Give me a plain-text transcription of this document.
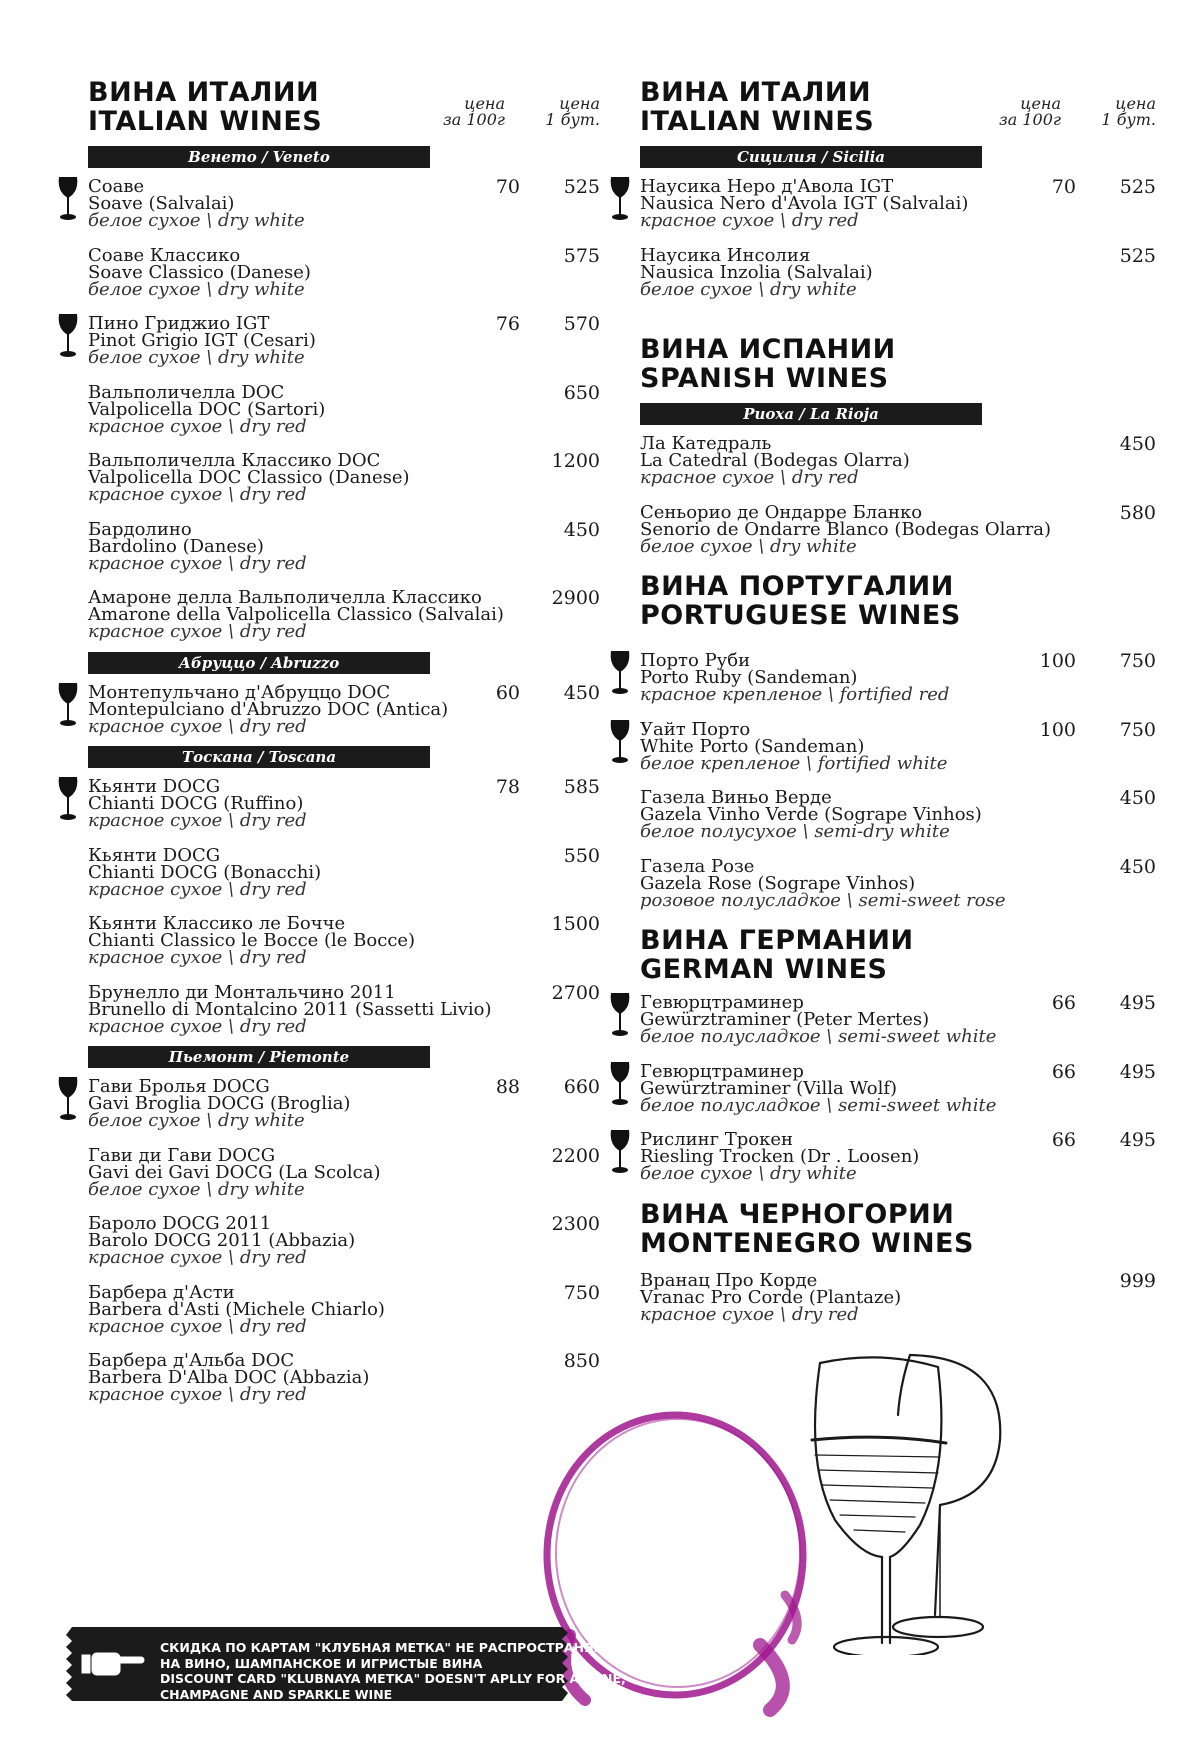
ВИНА ИТАЛИИ
ITALIAN WINES
цена
за 100г
цена
1 бут.
Венето / Veneto
Соаве
Soave (Salvalai)
белое сухое \ dry white
70 525
Соаве Классико
Soave Classico (Danese)
белое сухое \ dry white
575
Пино Гриджио IGT
Pinot Grigio IGT (Cesari)
белое сухое \ dry white
76 570
Вальполичелла DOC
Valpolicella DOC (Sartori)
красное сухое \ dry red
650
Вальполичелла Классико DOC
Valpolicella DOC Classico (Danese)
красное сухое \ dry red
1200
Бардолино
Bardolino (Danese)
красное сухое \ dry red
450
Амароне делла Вальполичелла Классико
Amarone della Valpolicella Classico (Salvalai)
красное сухое \ dry red
2900
Абруццо / Abruzzo
Монтепульчано д'Абруццо DOC
Montepulciano d'Abruzzo DOC (Antica)
красное сухое \ dry red
60 450
Тоскана / Toscana
Кьянти DOCG
Chianti DOCG (Ruffino)
красное сухое \ dry red
78 585
Кьянти DOCG
Chianti DOCG (Bonacchi)
красное сухое \ dry red
550
Кьянти Классико ле Бочче
Chianti Classico le Bocce (le Bocce)
красное сухое \ dry red
1500
Брунелло ди Монтальчино 2011
Brunello di Montalcino 2011 (Sassetti Livio)
красное сухое \ dry red
2700
Пьемонт / Piemonte
Гави Бролья DOCG
Gavi Broglia DOCG (Broglia)
белое сухое \ dry white
88 660
Гави ди Гави DOCG
Gavi dei Gavi DOCG (La Scolca)
белое сухое \ dry white
2200
Бароло DOCG 2011
Barolo DOCG 2011 (Abbazia)
красное сухое \ dry red
2300
Барбера д'Асти
Barbera d'Asti (Michele Chiarlo)
красное сухое \ dry red
750
Барбера д'Альба DOC
Barbera D'Alba DOC (Abbazia)
красное сухое \ dry red
850
ВИНА ИТАЛИИ
ITALIAN WINES
цена
за 100г
цена
1 бут.
Сицилия / Sicilia
Наусика Неро д'Авола IGT
Nausica Nero d'Avola IGT (Salvalai)
красное сухое \ dry red
70 525
Наусика Инсолия
Nausica Inzolia (Salvalai)
белое сухое \ dry white
525
ВИНА ИСПАНИИ
SPANISH WINES
Риоха / La Rioja
Ла Катедраль
La Catedral (Bodegas Olarra)
красное сухое \ dry red
450
Сеньорио де Ондарре Бланко
Senorio de Ondarre Blanco (Bodegas Olarra)
белое сухое \ dry white
580
ВИНА ПОРТУГАЛИИ
PORTUGUESE WINES
Порто Руби
Porto Ruby (Sandeman)
красное крепленое \ fortified red
100 750
Уайт Порто
White Porto (Sandeman)
белое крепленое \ fortified white
100 750
Газела Виньо Верде
Gazela Vinho Verde (Sogrape Vinhos)
белое полусухое \ semi-dry white
450
Газела Розе
Gazela Rose (Sogrape Vinhos)
розовое полусладкое \ semi-sweet rose
450
ВИНА ГЕРМАНИИ
GERMAN WINES
Гевюрцтраминер
Gewürztraminer (Peter Mertes)
белое полусладкое \ semi-sweet white
66 495
Гевюрцтраминер
Gewürztraminer (Villa Wolf)
белое полусладкое \ semi-sweet white
66 495
Рислинг Трокен
Riesling Trocken (Dr . Loosen)
белое сухое \ dry white
66 495
ВИНА ЧЕРНОГОРИИ
MONTENEGRO WINES
Вранац Про Корде
Vranac Pro Corde (Plantaze)
красное сухое \ dry red
999
СКИДКА ПО КАРТАМ "КЛУБНАЯ МЕТКА" НЕ РАСПРОСТРАНЯЕТСЯ
НА ВИНО, ШАМПАНСКОЕ И ИГРИСТЫЕ ВИНА
DISCOUNT CARD "KLUBNAYA METKA" DOESN'T APLLY FOR A WINE,
CHAMPAGNE AND SPARKLE WINE
